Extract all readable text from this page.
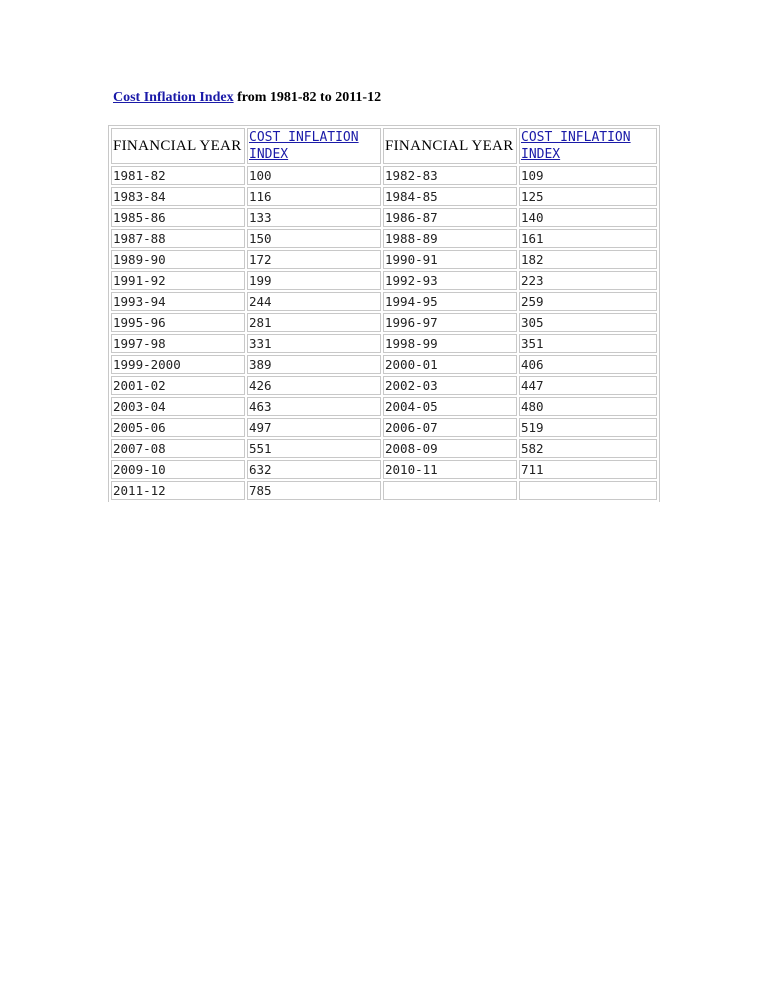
Cost Inflation Index from 1981-82 to 2011-12
FINANCIAL YEAR	COST INFLATION INDEX	FINANCIAL YEAR	COST INFLATION INDEX
1981-82	100	1982-83	109
1983-84	116	1984-85	125
1985-86	133	1986-87	140
1987-88	150	1988-89	161
1989-90	172	1990-91	182
1991-92	199	1992-93	223
1993-94	244	1994-95	259
1995-96	281	1996-97	305
1997-98	331	1998-99	351
1999-2000	389	2000-01	406
2001-02	426	2002-03	447
2003-04	463	2004-05	480
2005-06	497	2006-07	519
2007-08	551	2008-09	582
2009-10	632	2010-11	711
2011-12	785		
